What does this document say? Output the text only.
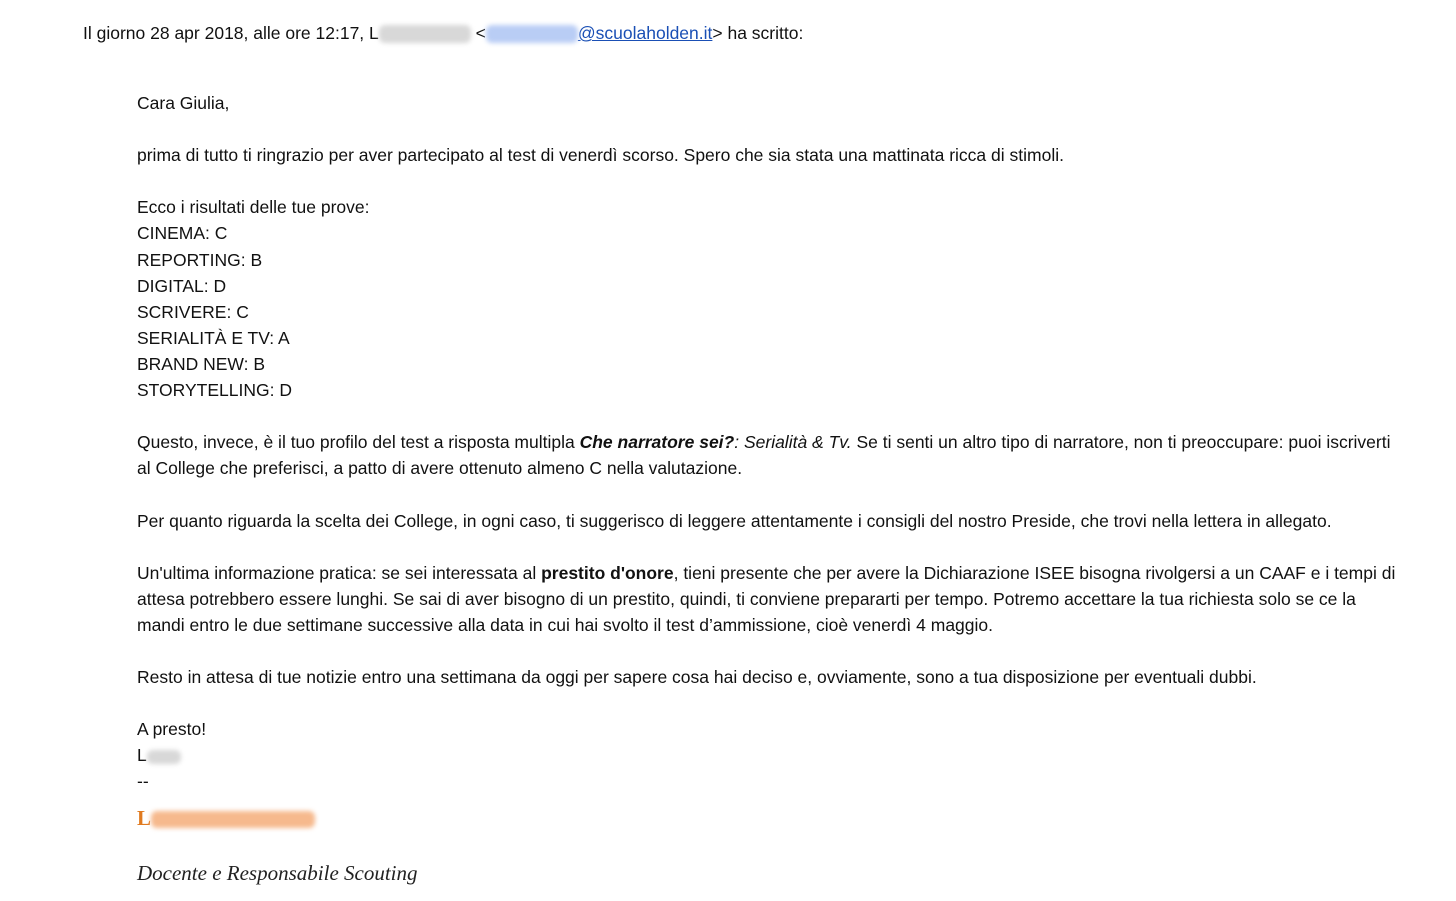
Il giorno 28 apr 2018, alle ore 12:17, L	<	@scuolaholden.it> ha scritto:

Cara Giulia,

prima di tutto ti ringrazio per aver partecipato al test di venerdì scorso. Spero che sia stata una mattinata ricca di stimoli.

Ecco i risultati delle tue prove:
CINEMA: C
REPORTING: B
DIGITAL: D
SCRIVERE: C
SERIALITÀ E TV: A
BRAND NEW: B
STORYTELLING: D

Questo, invece, è il tuo profilo del test a risposta multipla Che narratore sei?: Serialità & Tv. Se ti senti un altro tipo di narratore, non ti preoccupare: puoi iscriverti al College che preferisci, a patto di avere ottenuto almeno C nella valutazione.

Per quanto riguarda la scelta dei College, in ogni caso, ti suggerisco di leggere attentamente i consigli del nostro Preside, che trovi nella lettera in allegato.

Un'ultima informazione pratica: se sei interessata al prestito d'onore, tieni presente che per avere la Dichiarazione ISEE bisogna rivolgersi a un CAAF e i tempi di attesa potrebbero essere lunghi. Se sai di aver bisogno di un prestito, quindi, ti conviene prepararti per tempo. Potremo accettare la tua richiesta solo se ce la mandi entro le due settimane successive alla data in cui hai svolto il test d’ammissione, cioè venerdì 4 maggio.

Resto in attesa di tue notizie entro una settimana da oggi per sapere cosa hai deciso e, ovviamente, sono a tua disposizione per eventuali dubbi.

A presto!
L
--
L
Docente e Responsabile Scouting
